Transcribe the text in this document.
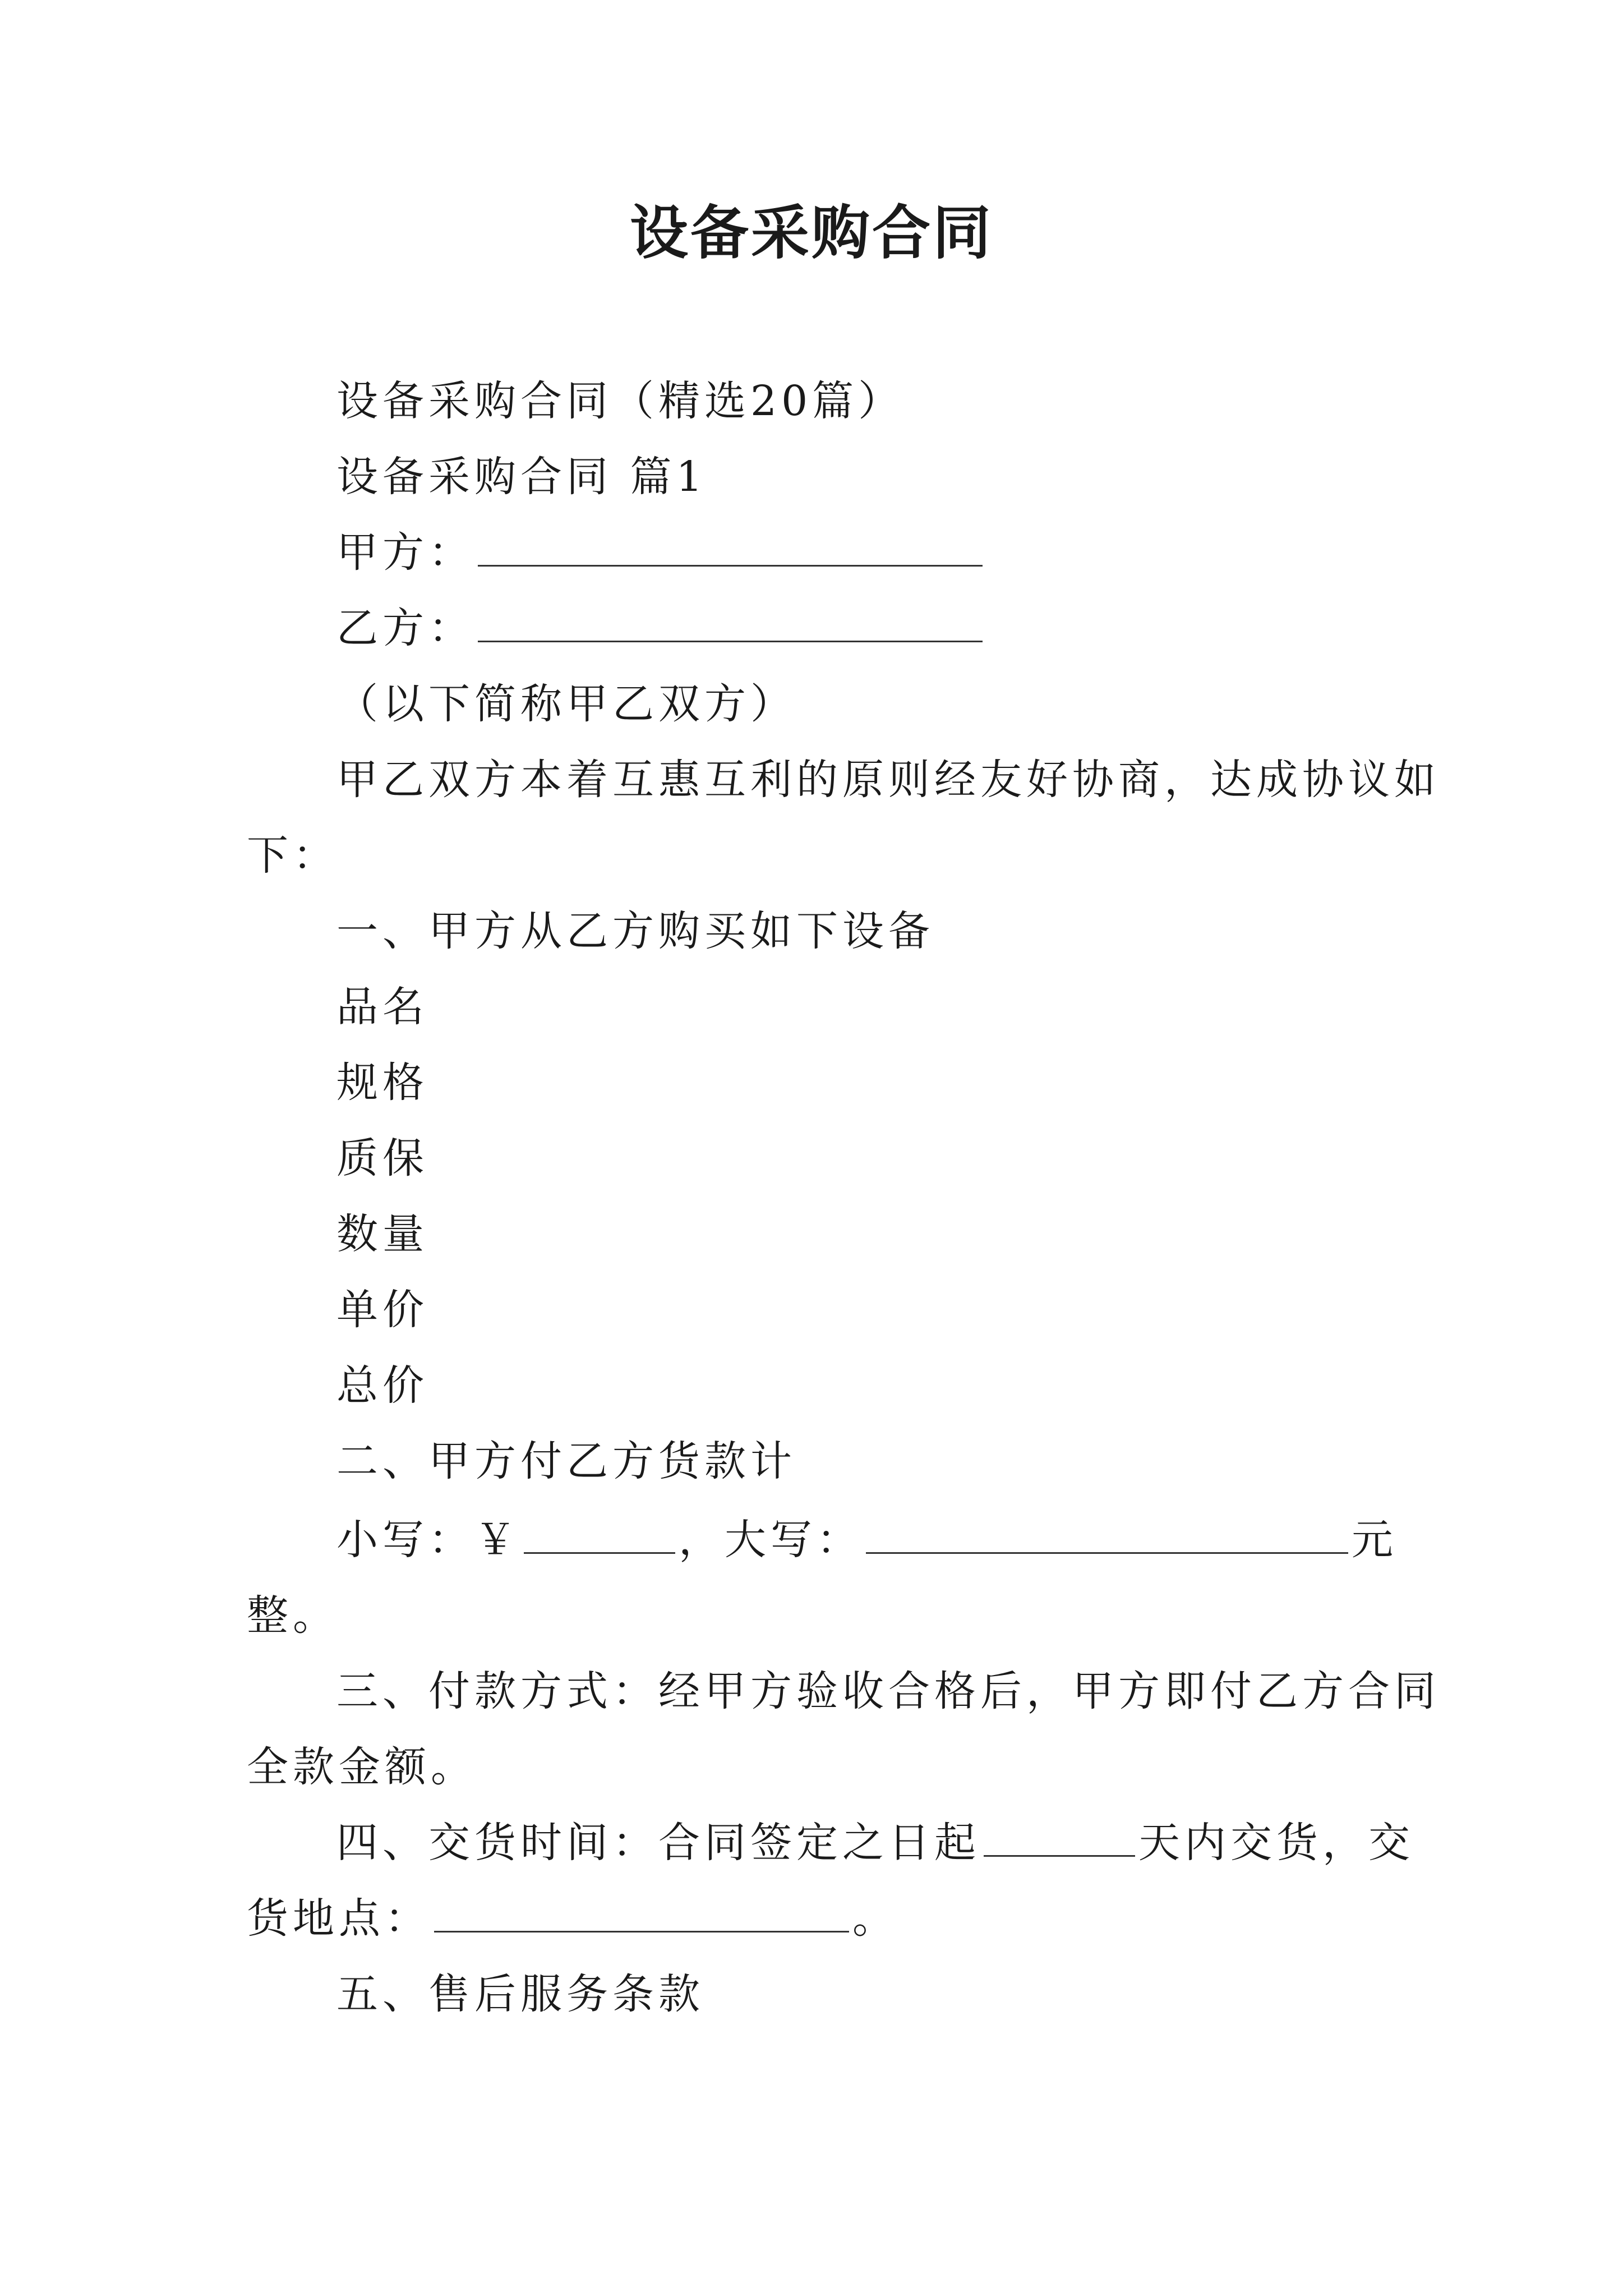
设备采购合同
设备采购合同（精选20篇）
设备采购合同 篇1
甲方：
乙方：
（以下简称甲乙双方）
甲乙双方本着互惠互利的原则经友好协商，达成协议如
下：
一、甲方从乙方购买如下设备
品名
规格
质保
数量
单价
总价
二、甲方付乙方货款计
小写：￥	，大写：	元
整。
三、付款方式：经甲方验收合格后，甲方即付乙方合同
全款金额。
四、交货时间：合同签定之日起	天内交货，交
货地点：	。
五、售后服务条款
